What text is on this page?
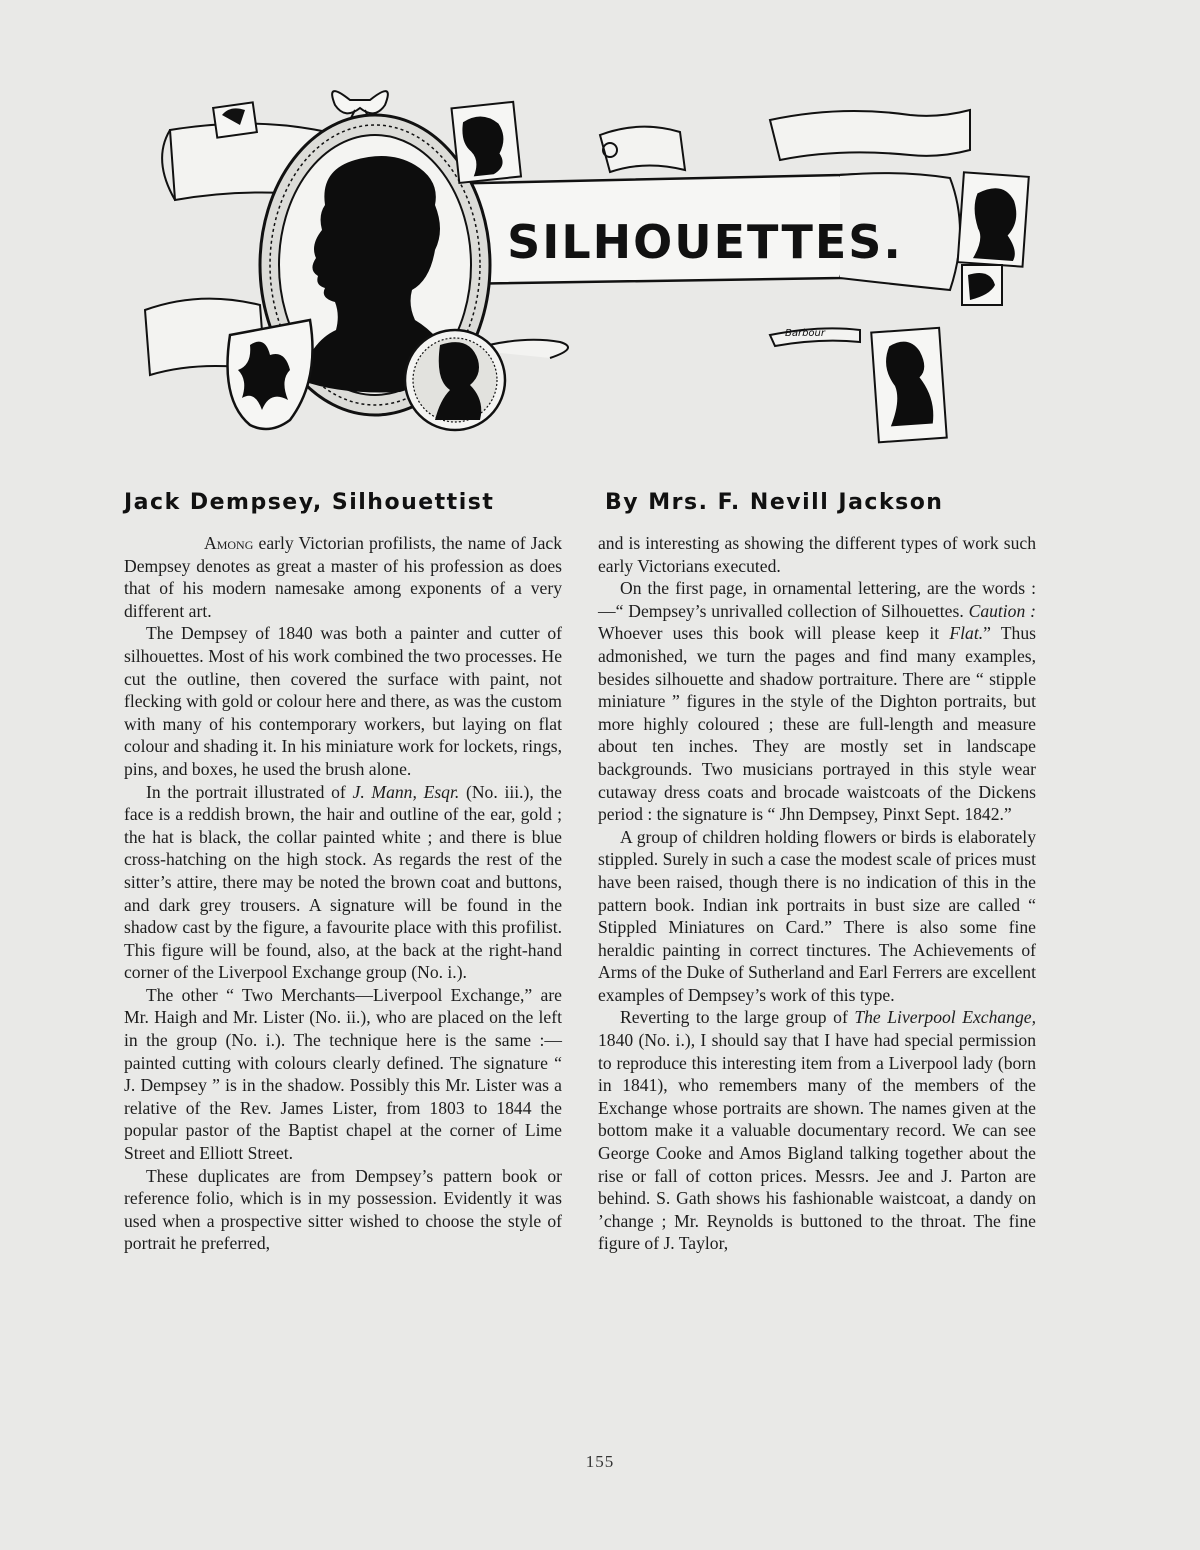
SILHOUETTES.
Barbour
Jack Dempsey, Silhouettist	By Mrs. F. Nevill Jackson

Among early Victorian profilists, the name of Jack Dempsey denotes as great a master of his profession as does that of his modern namesake among exponents of a very different art.

The Dempsey of 1840 was both a painter and cutter of silhouettes. Most of his work combined the two processes. He cut the outline, then covered the surface with paint, not flecking with gold or colour here and there, as was the custom with many of his contemporary workers, but laying on flat colour and shading it. In his miniature work for lockets, rings, pins, and boxes, he used the brush alone.

In the portrait illustrated of J. Mann, Esqr. (No. iii.), the face is a reddish brown, the hair and outline of the ear, gold ; the hat is black, the collar painted white ; and there is blue cross-hatching on the high stock. As regards the rest of the sitter’s attire, there may be noted the brown coat and buttons, and dark grey trousers. A signature will be found in the shadow cast by the figure, a favourite place with this profilist. This figure will be found, also, at the back at the right-hand corner of the Liverpool Exchange group (No. i.).

The other “ Two Merchants—Liverpool Exchange,” are Mr. Haigh and Mr. Lister (No. ii.), who are placed on the left in the group (No. i.). The technique here is the same :—painted cutting with colours clearly defined. The signature “ J. Dempsey ” is in the shadow. Possibly this Mr. Lister was a relative of the Rev. James Lister, from 1803 to 1844 the popular pastor of the Baptist chapel at the corner of Lime Street and Elliott Street.

These duplicates are from Dempsey’s pattern book or reference folio, which is in my possession. Evidently it was used when a prospective sitter wished to choose the style of portrait he preferred,

and is interesting as showing the different types of work such early Victorians executed.

On the first page, in ornamental lettering, are the words :—“ Dempsey’s unrivalled collection of Silhouettes. Caution : Whoever uses this book will please keep it Flat.” Thus admonished, we turn the pages and find many examples, besides silhouette and shadow portraiture. There are “ stipple miniature ” figures in the style of the Dighton portraits, but more highly coloured ; these are full-length and measure about ten inches. They are mostly set in landscape backgrounds. Two musicians portrayed in this style wear cutaway dress coats and brocade waistcoats of the Dickens period : the signature is “ Jhn Dempsey, Pinxt Sept. 1842.”

A group of children holding flowers or birds is elaborately stippled. Surely in such a case the modest scale of prices must have been raised, though there is no indication of this in the pattern book. Indian ink portraits in bust size are called “ Stippled Miniatures on Card.” There is also some fine heraldic painting in correct tinctures. The Achievements of Arms of the Duke of Sutherland and Earl Ferrers are excellent examples of Dempsey’s work of this type.

Reverting to the large group of The Liverpool Exchange, 1840 (No. i.), I should say that I have had special permission to reproduce this interesting item from a Liverpool lady (born in 1841), who remembers many of the members of the Exchange whose portraits are shown. The names given at the bottom make it a valuable documentary record. We can see George Cooke and Amos Bigland talking together about the rise or fall of cotton prices. Messrs. Jee and J. Parton are behind. S. Gath shows his fashionable waistcoat, a dandy on ’change ; Mr. Reynolds is buttoned to the throat. The fine figure of J. Taylor,

155
